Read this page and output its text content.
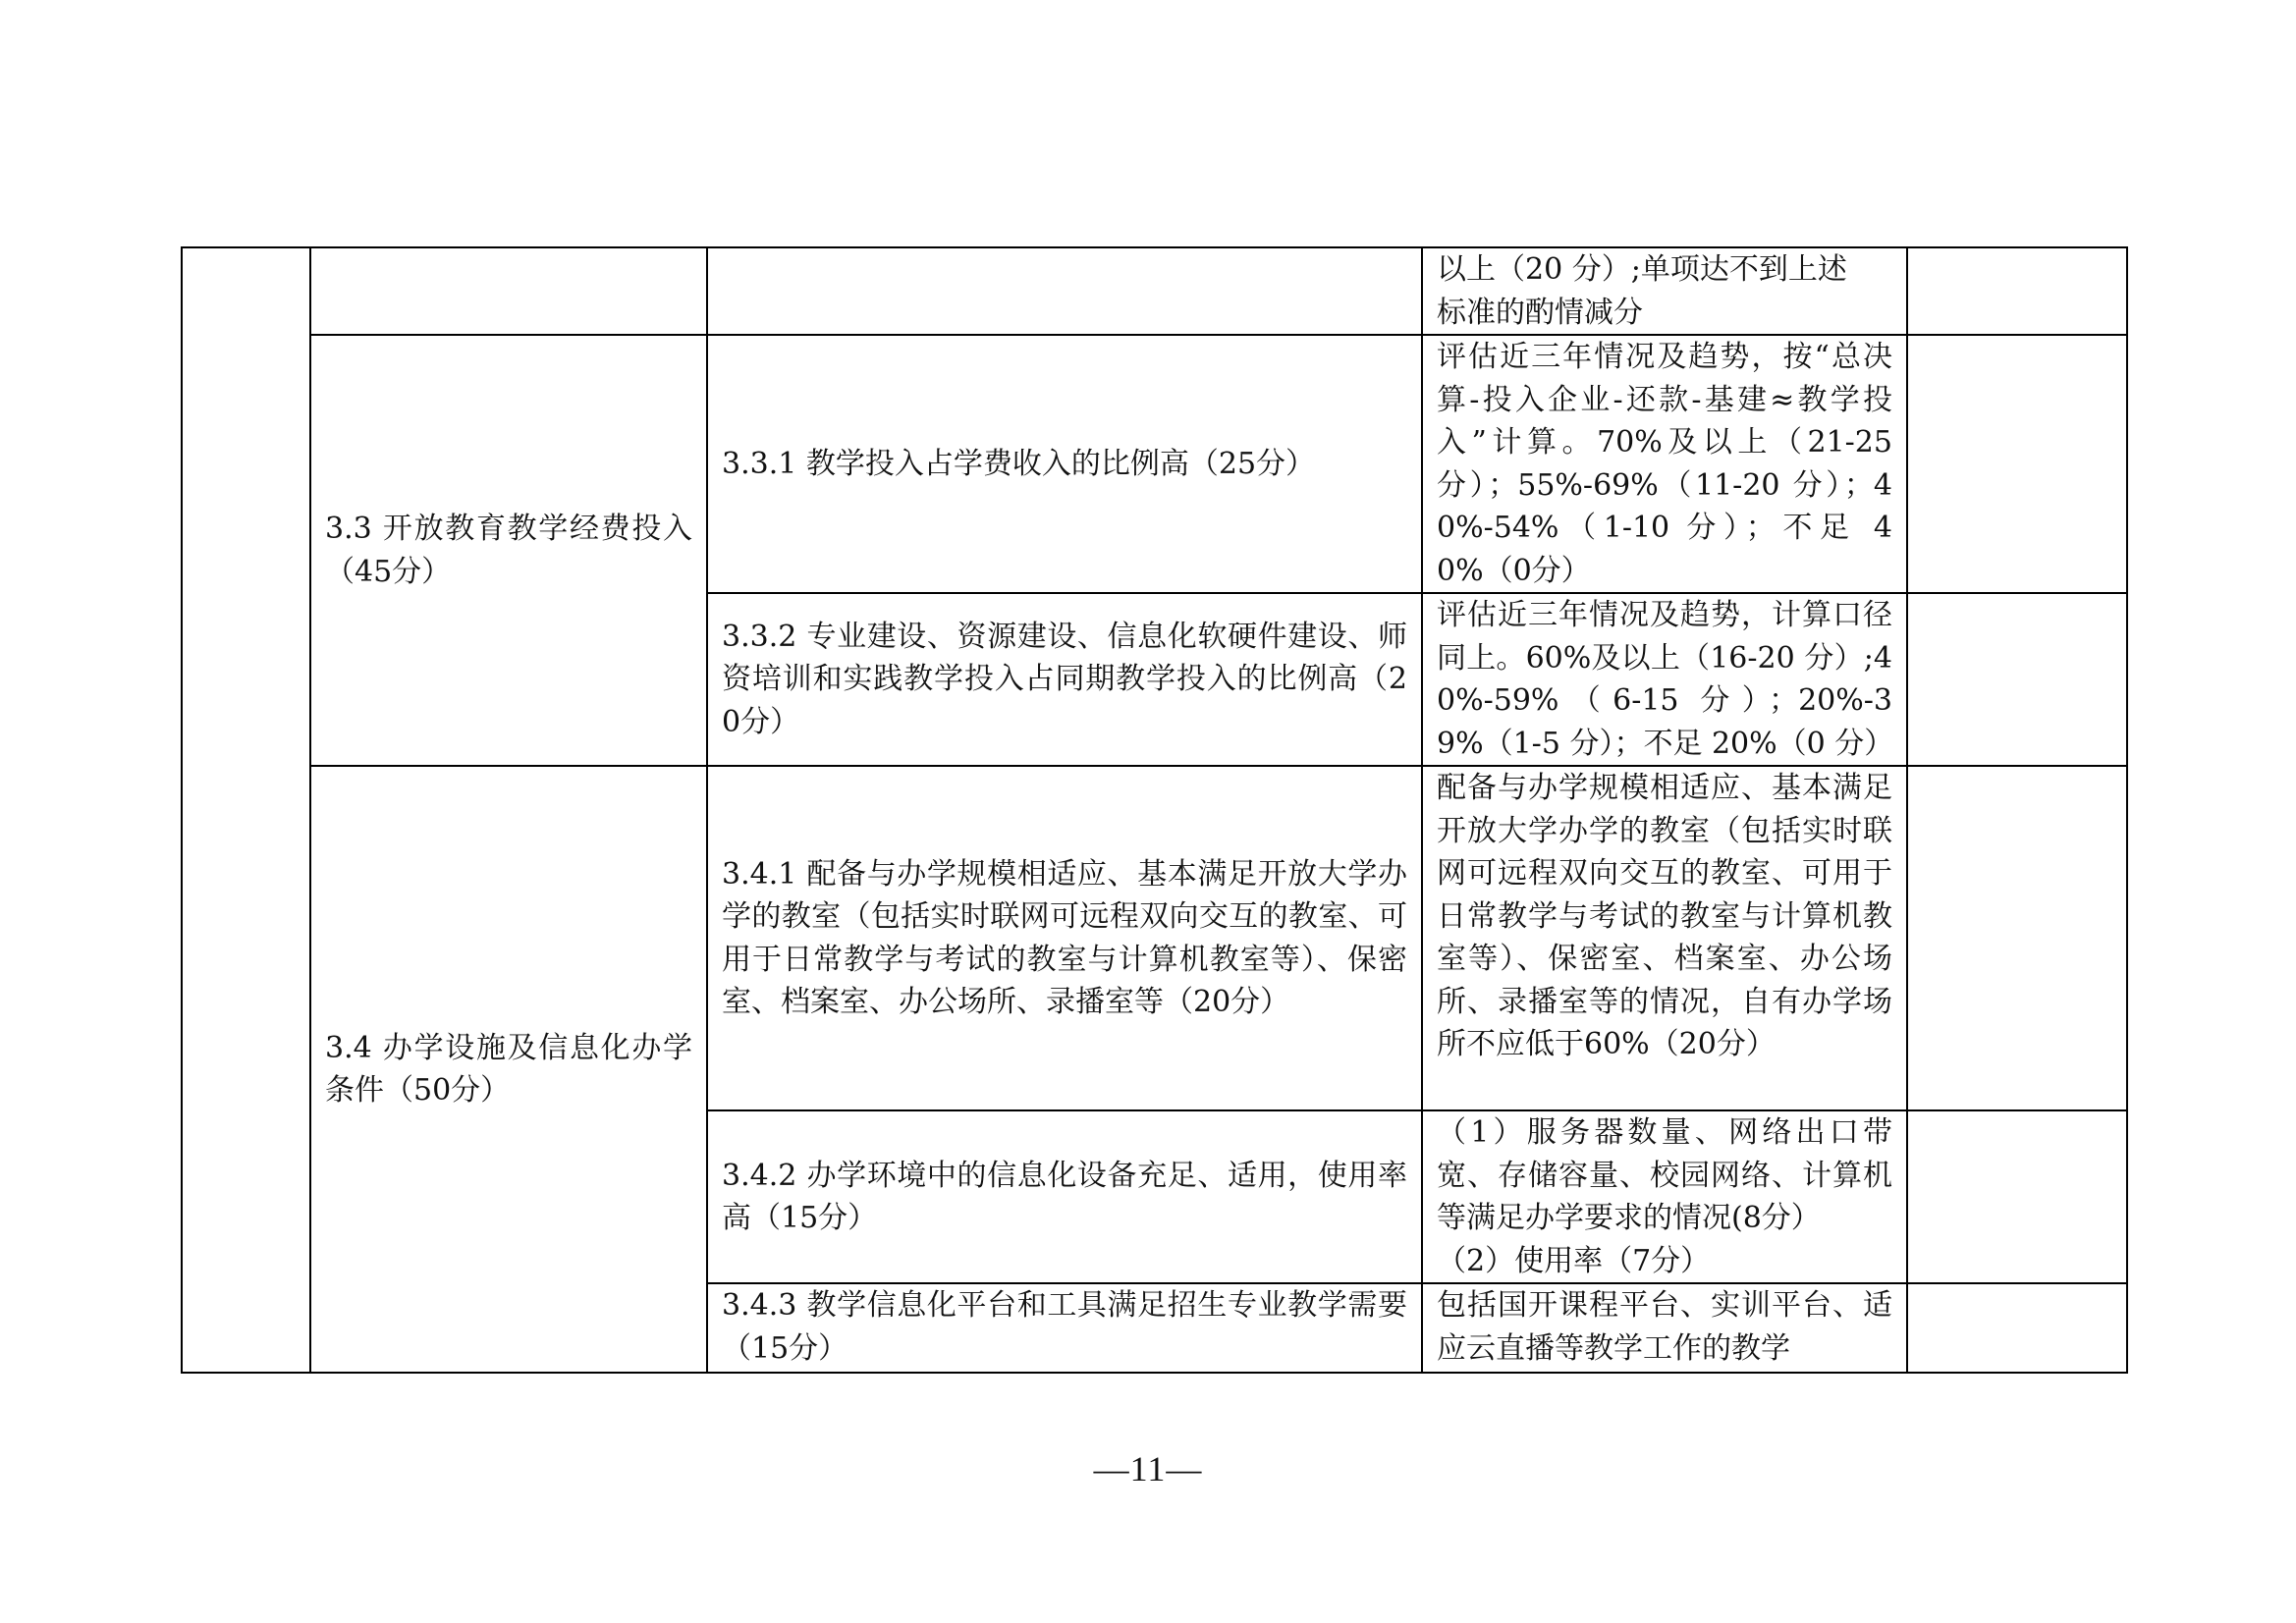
			以上（20 分）;单项达不到上述
标准的酌情减分	
	3.3 开放教育教学经费投入（45分）	3.3.1 教学投入占学费收入的比例高（25分）	评估近三年情况及趋势，按“总决算-投入企业-还款-基建≈教学投入”计算。70%及以上（21-25分）；55%-69%（11-20 分）；40%-54%（1-10 分）；不足 40%（0分）	
		3.3.2 专业建设、资源建设、信息化软硬件建设、师资培训和实践教学投入占同期教学投入的比例高（20分）	评估近三年情况及趋势，计算口径同上。60%及以上（16-20 分）;40%-59%（6-15 分）；20%-39%（1-5 分）；不足 20%（0 分）	
	3.4 办学设施及信息化办学条件（50分）	3.4.1 配备与办学规模相适应、基本满足开放大学办学的教室（包括实时联网可远程双向交互的教室、可用于日常教学与考试的教室与计算机教室等）、保密室、档案室、办公场所、录播室等（20分）	配备与办学规模相适应、基本满足开放大学办学的教室（包括实时联网可远程双向交互的教室、可用于日常教学与考试的教室与计算机教室等）、保密室、档案室、办公场所、录播室等的情况，自有办学场所不应低于60%（20分）	
		3.4.2 办学环境中的信息化设备充足、适用，使用率高（15分）	（1）服务器数量、网络出口带宽、存储容量、校园网络、计算机等满足办学要求的情况(8分）
（2）使用率（7分）	
		3.4.3 教学信息化平台和工具满足招生专业教学需要（15分）	包括国开课程平台、实训平台、适应云直播等教学工作的教学	
—11—
